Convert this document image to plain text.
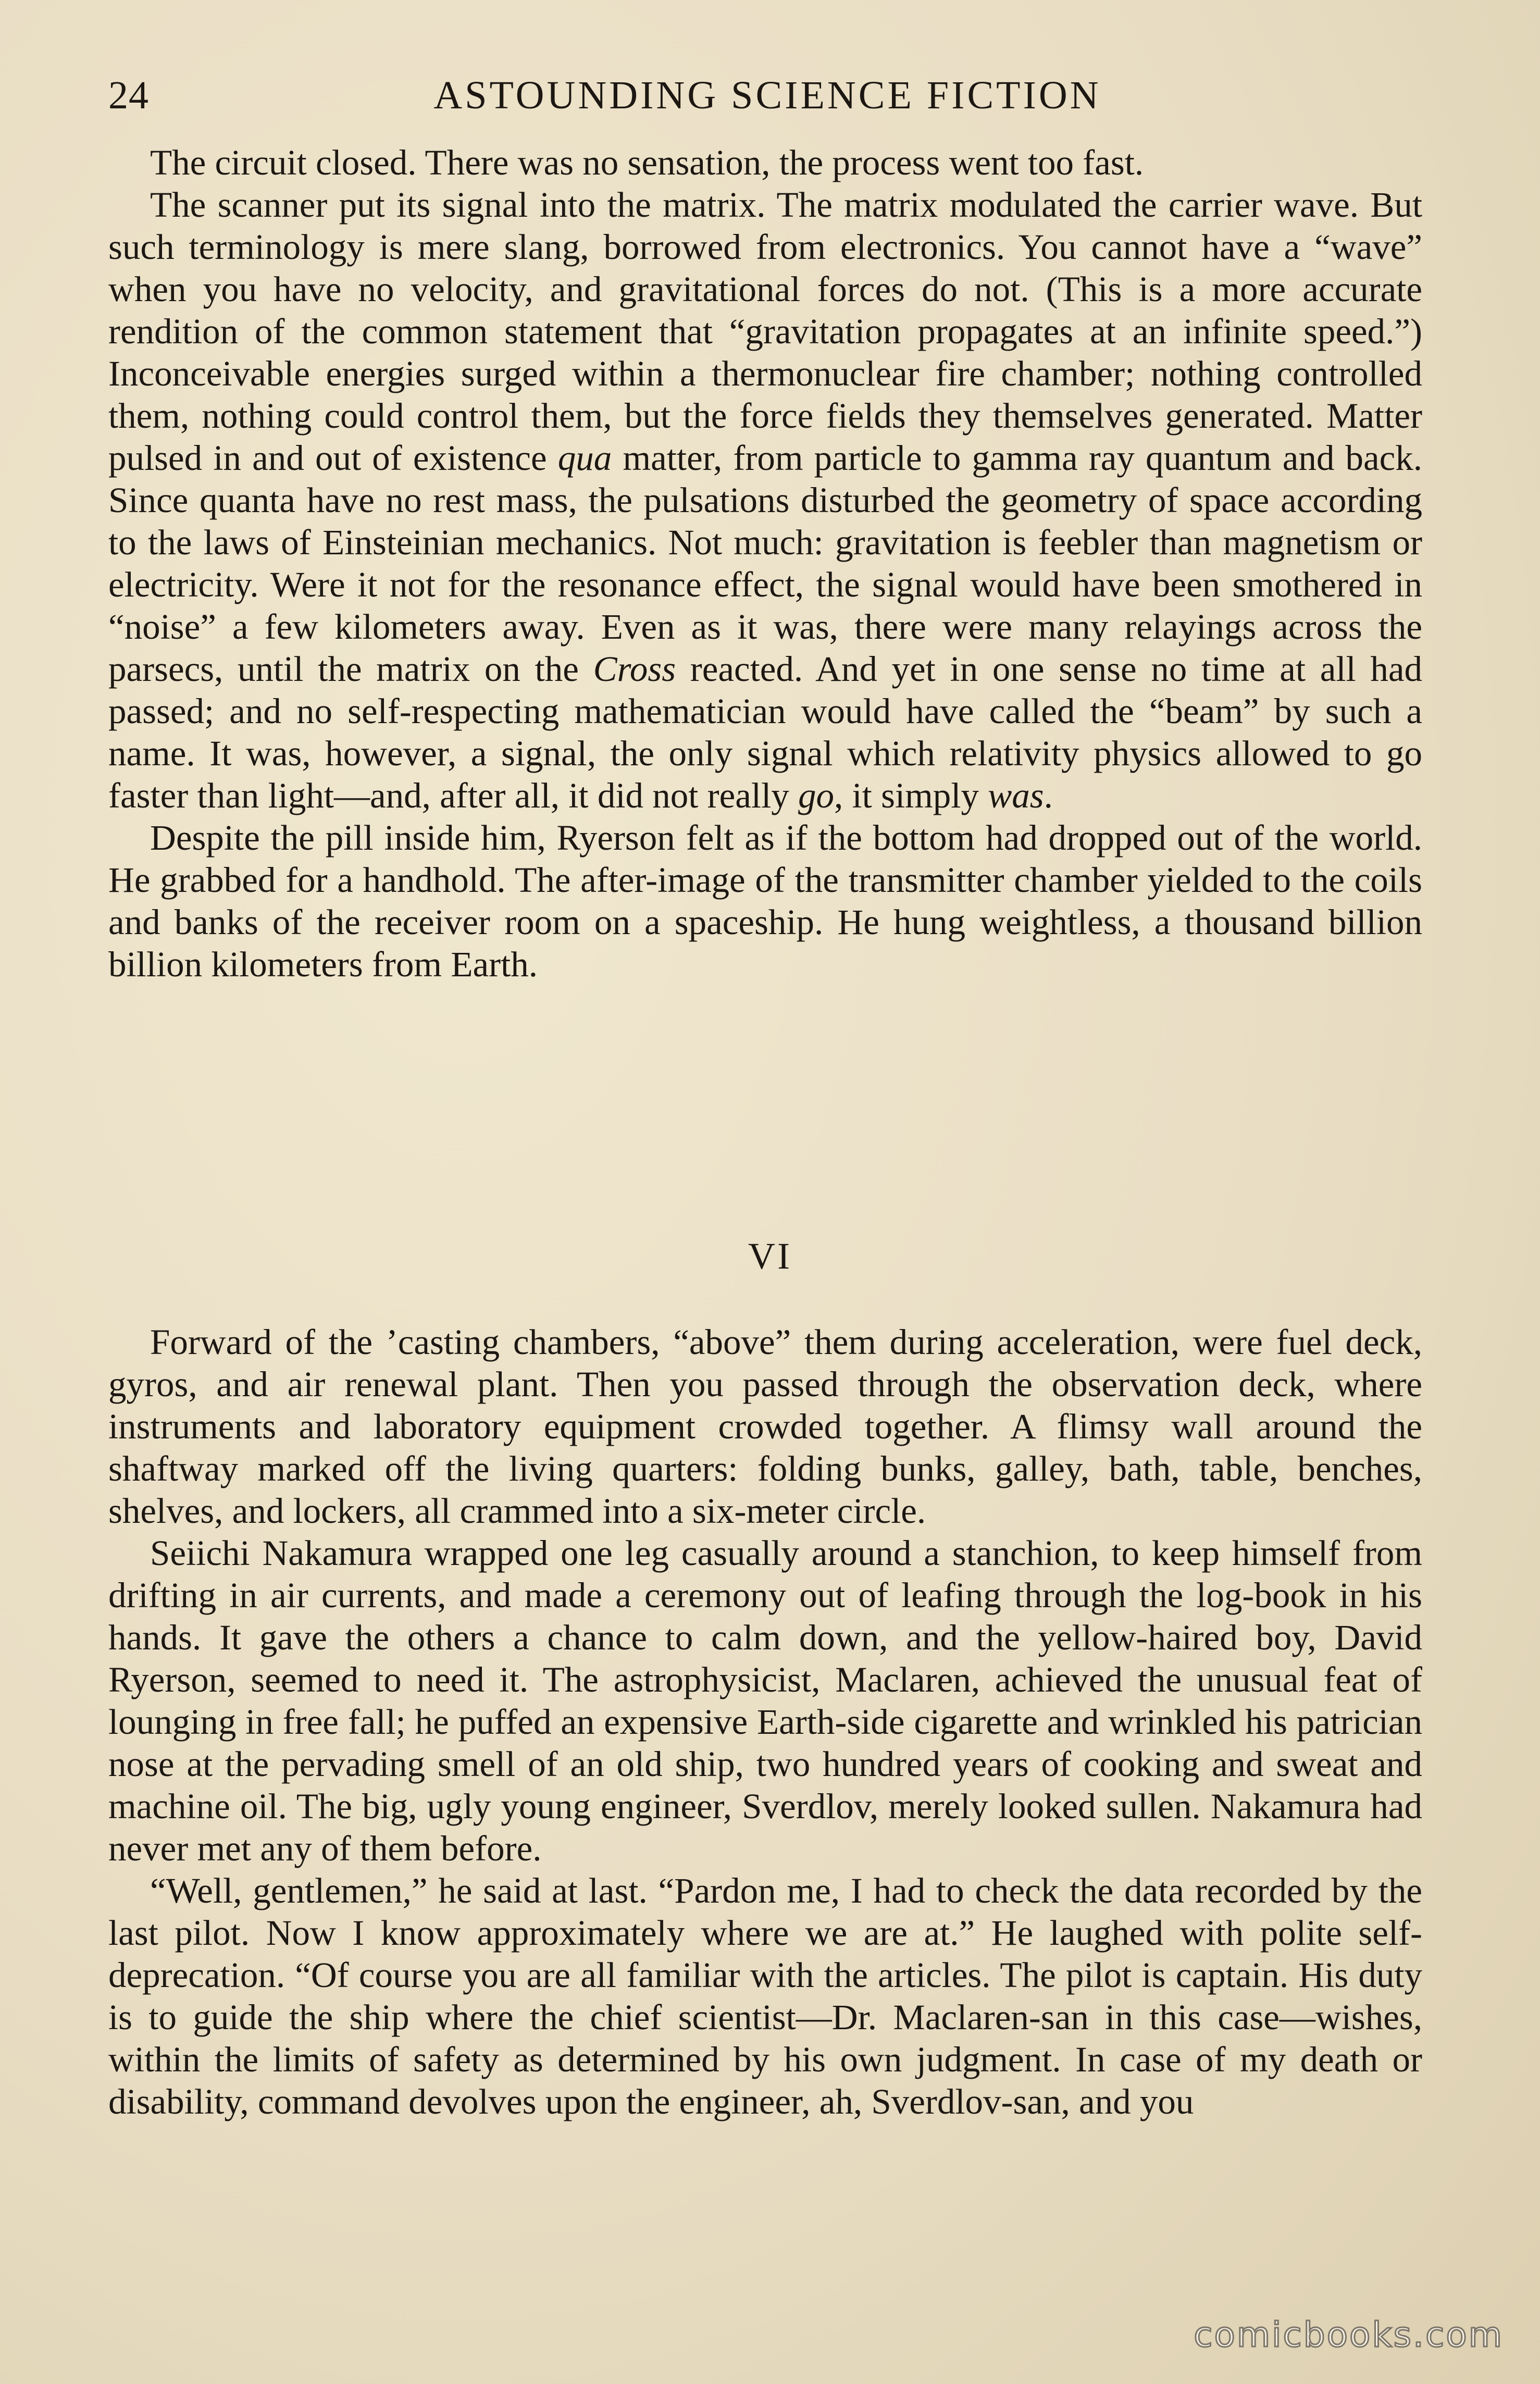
24	ASTOUNDING SCIENCE FICTION

The circuit closed. There was no sensation, the process went too fast.

The scanner put its signal into the matrix. The matrix modulated the carrier wave. But such terminology is mere slang, borrowed from electronics. You cannot have a “wave” when you have no velocity, and gravitational forces do not. (This is a more accurate rendition of the common statement that “gravitation propagates at an infinite speed.”) Inconceivable energies surged within a thermonuclear fire chamber; nothing controlled them, nothing could control them, but the force fields they themselves generated. Matter pulsed in and out of existence qua matter, from particle to gamma ray quantum and back. Since quanta have no rest mass, the pulsations disturbed the geometry of space according to the laws of Einsteinian mechanics. Not much: gravitation is feebler than magnetism or electricity. Were it not for the resonance effect, the signal would have been smothered in “noise” a few kilometers away. Even as it was, there were many relayings across the parsecs, until the matrix on the Cross reacted. And yet in one sense no time at all had passed; and no self-respecting mathematician would have called the “beam” by such a name. It was, however, a signal, the only signal which relativity physics allowed to go faster than light—and, after all, it did not really go, it simply was.

Despite the pill inside him, Ryerson felt as if the bottom had dropped out of the world. He grabbed for a handhold. The after-image of the transmitter chamber yielded to the coils and banks of the receiver room on a spaceship. He hung weightless, a thousand billion billion kilometers from Earth.

VI

Forward of the ’casting chambers, “above” them during acceleration, were fuel deck, gyros, and air renewal plant. Then you passed through the observation deck, where instruments and laboratory equipment crowded together. A flimsy wall around the shaftway marked off the living quarters: folding bunks, galley, bath, table, benches, shelves, and lockers, all crammed into a six-meter circle.

Seiichi Nakamura wrapped one leg casually around a stanchion, to keep himself from drifting in air currents, and made a ceremony out of leafing through the log-book in his hands. It gave the others a chance to calm down, and the yellow-haired boy, David Ryerson, seemed to need it. The astrophysicist, Maclaren, achieved the unusual feat of lounging in free fall; he puffed an expensive Earth-side cigarette and wrinkled his patrician nose at the pervading smell of an old ship, two hundred years of cooking and sweat and machine oil. The big, ugly young engineer, Sverdlov, merely looked sullen. Nakamura had never met any of them before.

“Well, gentlemen,” he said at last. “Pardon me, I had to check the data recorded by the last pilot. Now I know approximately where we are at.” He laughed with polite self-deprecation. “Of course you are all familiar with the articles. The pilot is captain. His duty is to guide the ship where the chief scientist—Dr. Maclaren-san in this case—wishes, within the limits of safety as determined by his own judgment. In case of my death or disability, command devolves upon the engineer, ah, Sverdlov-san, and you

comicbooks.com
